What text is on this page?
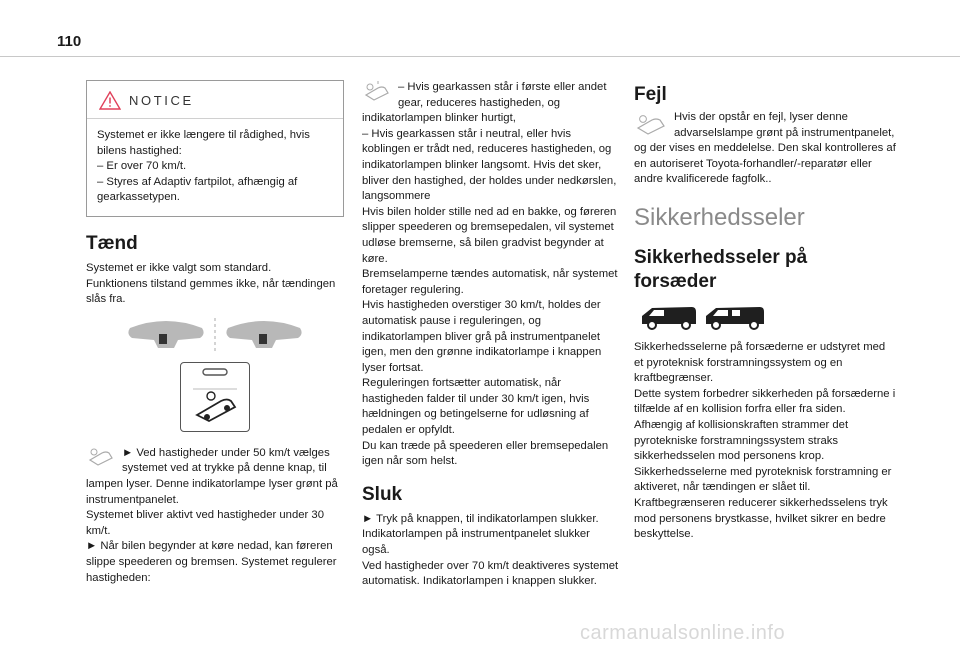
110
NOTICE

Systemet er ikke længere til rådighed, hvis bilens hastighed:
– Er over 70 km/t.
– Styres af Adaptiv fartpilot, afhængig af gearkassetypen.

Tænd

Systemet er ikke valgt som standard.
Funktionens tilstand gemmes ikke, når tændingen slås fra.

► Ved hastigheder under 50 km/t vælges systemet ved at trykke på denne knap, til lampen lyser. Denne indikatorlampe lyser grønt på instrumentpanelet.
Systemet bliver aktivt ved hastigheder under 30 km/t.
► Når bilen begynder at køre nedad, kan føreren slippe speederen og bremsen. Systemet regulerer hastigheden:

– Hvis gearkassen står i første eller andet gear, reduceres hastigheden, og indikatorlampen blinker hurtigt,
– Hvis gearkassen står i neutral, eller hvis koblingen er trådt ned, reduceres hastigheden, og indikatorlampen blinker langsomt. Hvis det sker, bliver den hastighed, der holdes under nedkørslen, langsommere
Hvis bilen holder stille ned ad en bakke, og føreren slipper speederen og bremsepedalen, vil systemet udløse bremserne, så bilen gradvist begynder at køre.
Bremselamperne tændes automatisk, når systemet foretager regulering.
Hvis hastigheden overstiger 30 km/t, holdes der automatisk pause i reguleringen, og indikatorlampen bliver grå på instrumentpanelet igen, men den grønne indikatorlampe i knappen lyser fortsat.
Reguleringen fortsætter automatisk, når hastigheden falder til under 30 km/t igen, hvis hældningen og betingelserne for udløsning af pedalen er opfyldt.
Du kan træde på speederen eller bremsepedalen igen når som helst.

Sluk

► Tryk på knappen, til indikatorlampen slukker.
Indikatorlampen på instrumentpanelet slukker også.
Ved hastigheder over 70 km/t deaktiveres systemet automatisk. Indikatorlampen i knappen slukker.

Fejl

Hvis der opstår en fejl, lyser denne advarselslampe grønt på instrumentpanelet, og der vises en meddelelse. Den skal kontrolleres af en autoriseret Toyota-forhandler/-reparatør eller andre kvalificerede fagfolk..

Sikkerhedsseler
Sikkerhedsseler på
forsæder

Sikkerhedsselerne på forsæderne er udstyret med et pyroteknisk forstramningssystem og en kraftbegrænser.
Dette system forbedrer sikkerheden på forsæderne i tilfælde af en kollision forfra eller fra siden. Afhængig af kollisionskraften strammer det pyrotekniske forstramningssystem straks sikkerhedsselen mod personens krop.
Sikkerhedsselerne med pyroteknisk forstramning er aktiveret, når tændingen er slået til.
Kraftbegrænseren reducerer sikkerhedsselens tryk mod personens brystkasse, hvilket sikrer en bedre beskyttelse.

carmanualsonline.info
